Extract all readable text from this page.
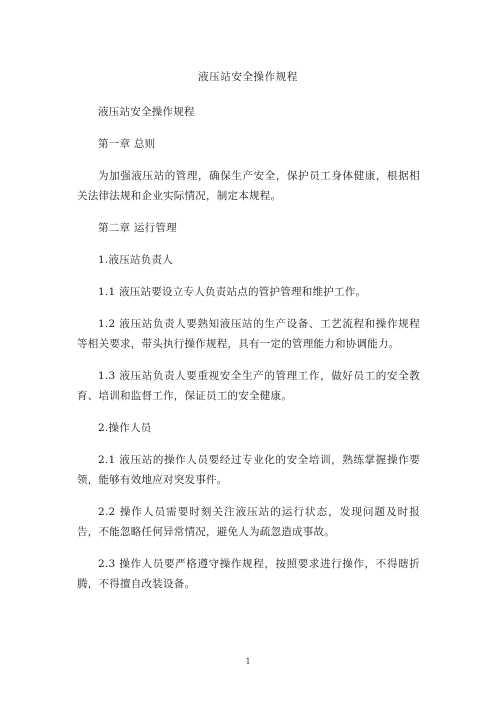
液压站安全操作规程

液压站安全操作规程

第一章 总则

为加强液压站的管理，确保生产安全，保护员工身体健康，根据相关法律法规和企业实际情况，制定本规程。

第二章 运行管理

1.液压站负责人

1.1 液压站要设立专人负责站点的管护管理和维护工作。

1.2 液压站负责人要熟知液压站的生产设备、工艺流程和操作规程等相关要求，带头执行操作规程，具有一定的管理能力和协调能力。

1.3 液压站负责人要重视安全生产的管理工作，做好员工的安全教育、培训和监督工作，保证员工的安全健康。

2.操作人员

2.1 液压站的操作人员要经过专业化的安全培训，熟练掌握操作要领，能够有效地应对突发事件。

2.2 操作人员需要时刻关注液压站的运行状态，发现问题及时报告，不能忽略任何异常情况，避免人为疏忽造成事故。

2.3 操作人员要严格遵守操作规程，按照要求进行操作，不得瞎折腾，不得擅自改装设备。

1
